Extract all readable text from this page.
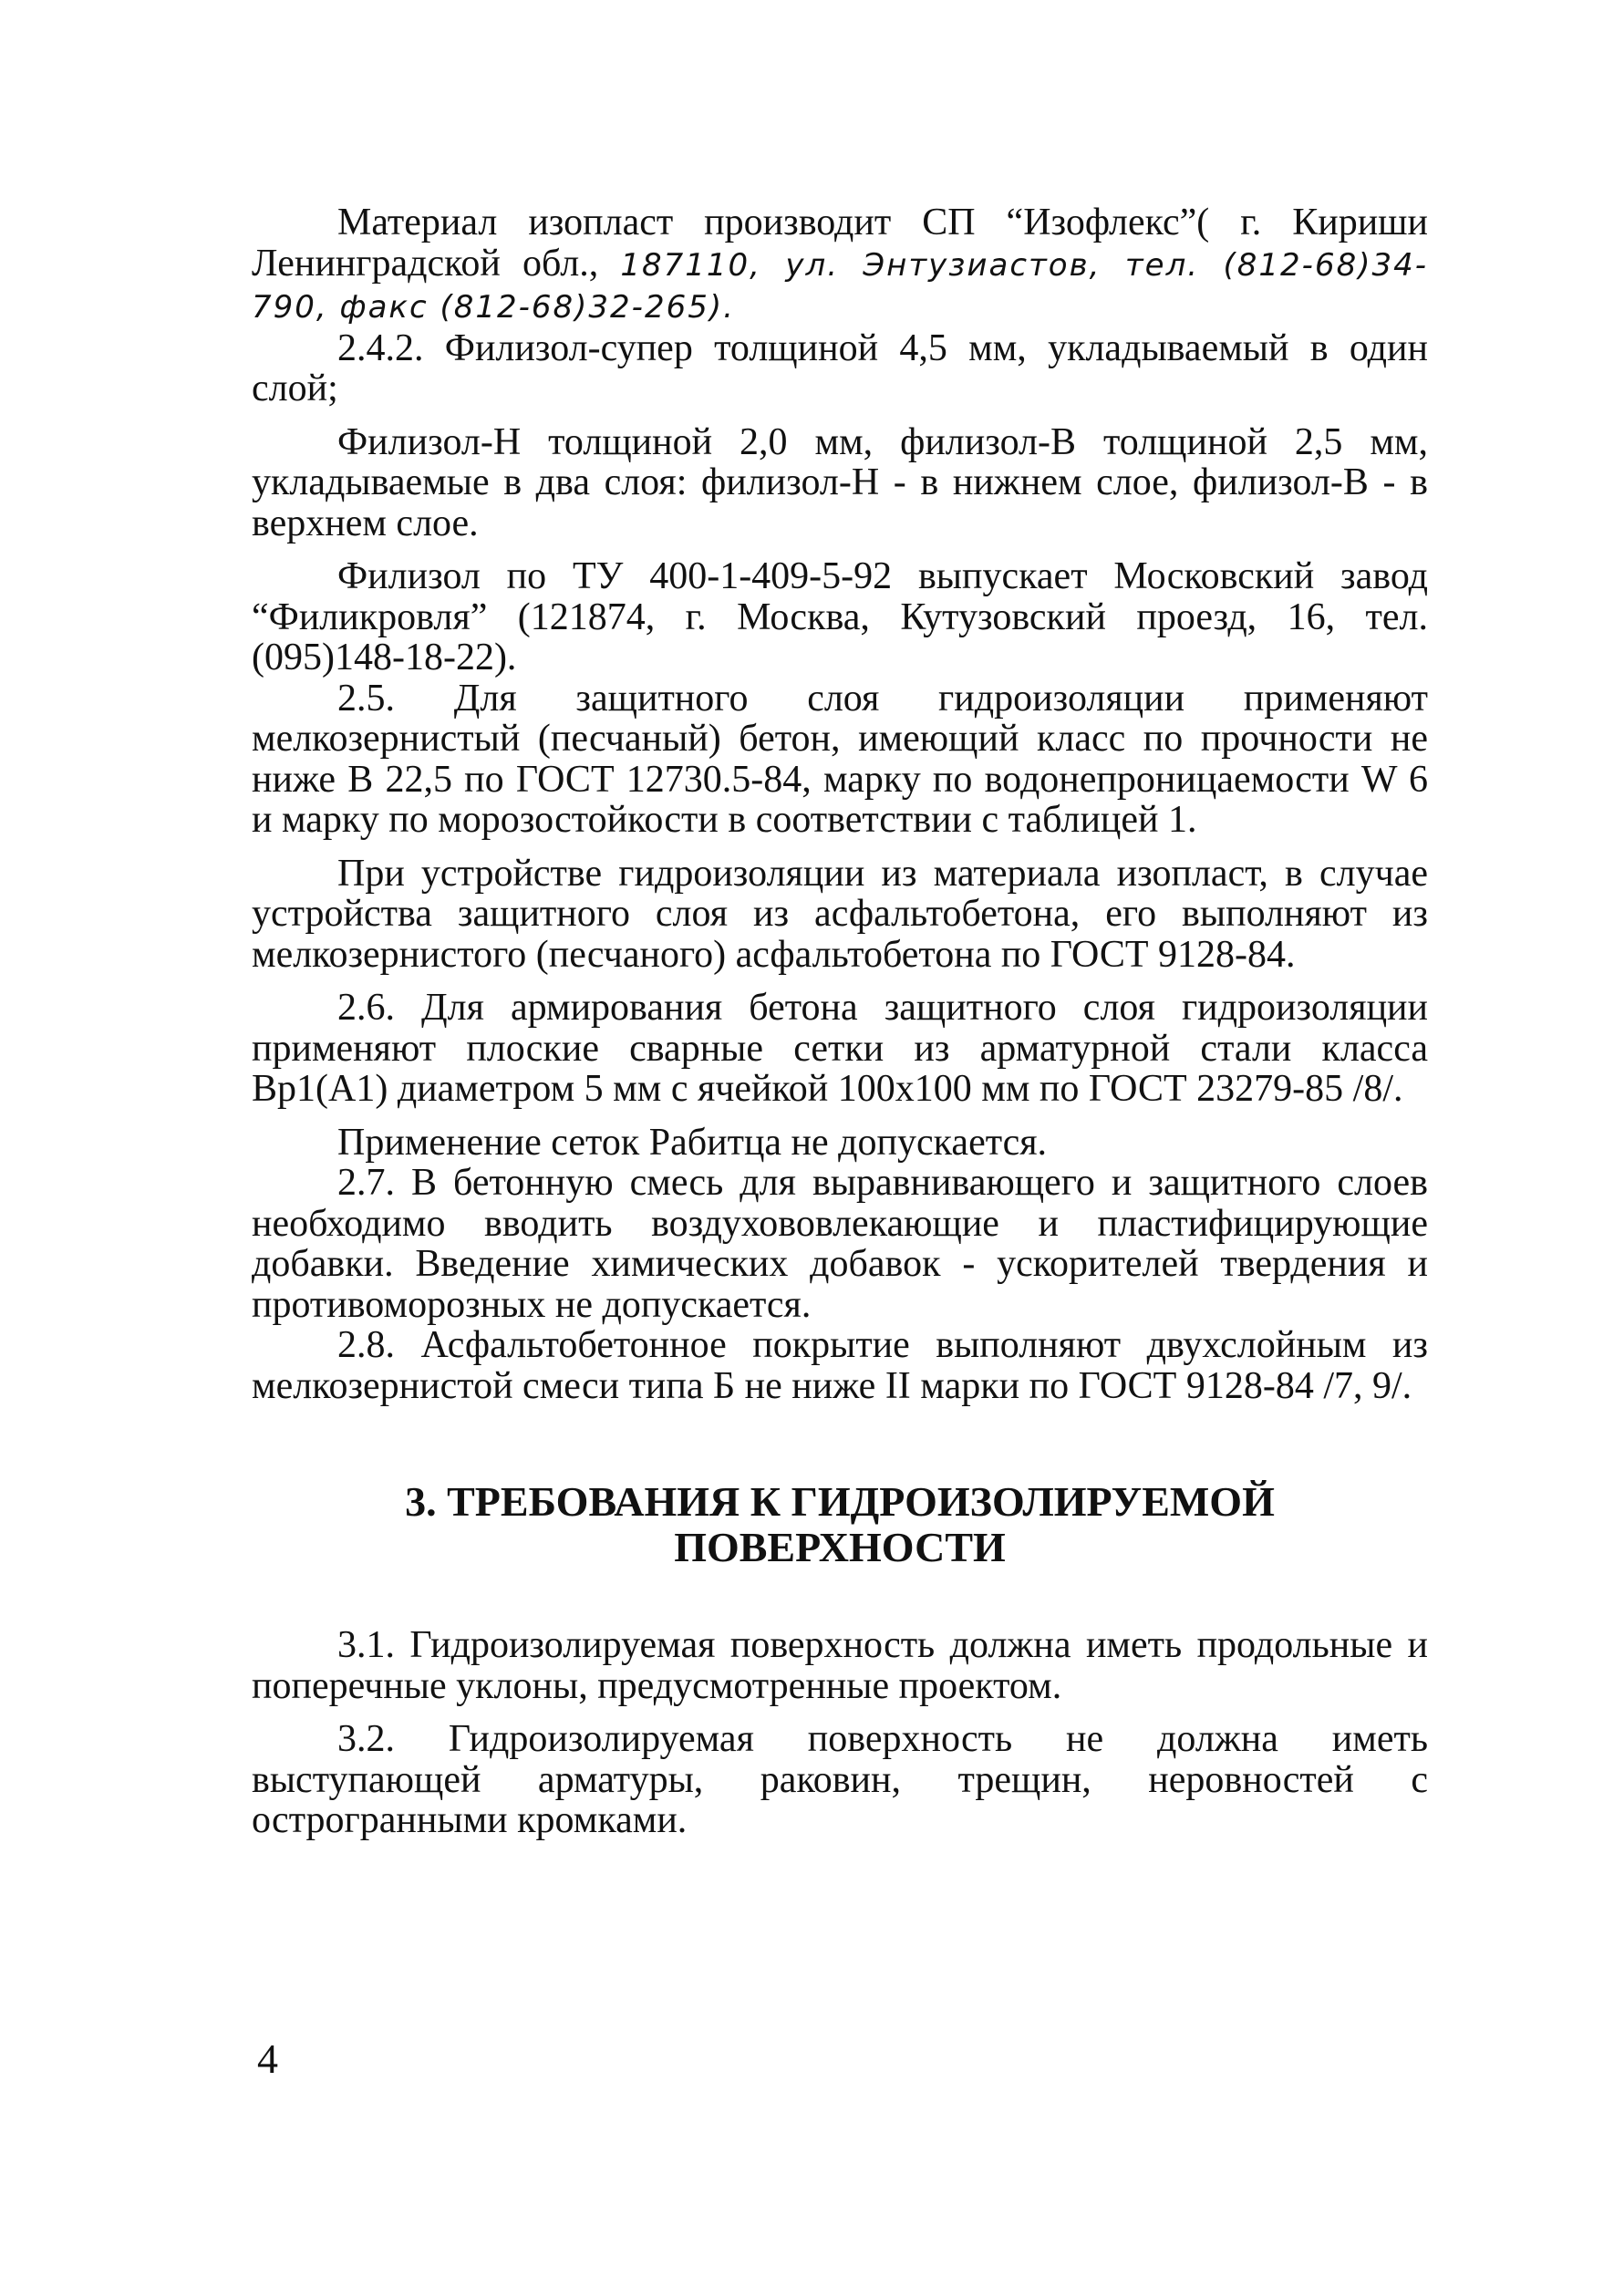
Материал изопласт производит СП “Изофлекс”( г. Кириши Ленинградской обл., 187110, ул. Энтузиастов, тел. (812-68)34-790, факс (812-68)32-265).

2.4.2. Филизол-супер толщиной 4,5 мм, укладываемый в один слой;

Филизол-Н толщиной 2,0 мм, филизол-В толщиной 2,5 мм, укладываемые в два слоя: филизол-Н - в нижнем слое, филизол-В - в верхнем слое.

Филизол по ТУ 400-1-409-5-92 выпускает Московский завод “Филикровля” (121874, г. Москва, Кутузовский проезд, 16, тел. (095)148-18-22).

2.5. Для защитного слоя гидроизоляции применяют мелкозернистый (песчаный) бетон, имеющий класс по прочности не ниже В 22,5 по ГОСТ 12730.5-84, марку по водонепроницаемости W 6 и марку по морозостойкости в соответствии с таблицей 1.

При устройстве гидроизоляции из материала изопласт, в случае устройства защитного слоя из асфальтобетона, его выполняют из мелкозернистого (песчаного) асфальтобетона по ГОСТ 9128-84.

2.6. Для армирования бетона защитного слоя гидроизоляции применяют плоские сварные сетки из арматурной стали класса Вр1(А1) диаметром 5 мм с ячейкой 100х100 мм по ГОСТ 23279-85 /8/.

Применение сеток Рабитца не допускается.

2.7. В бетонную смесь для выравнивающего и защитного слоев необходимо вводить воздухововлекающие и пластифицирующие добавки. Введение химических добавок - ускорителей твердения и противоморозных не допускается.

2.8. Асфальтобетонное покрытие выполняют двухслойным из мелкозернистой смеси типа Б не ниже II марки по ГОСТ 9128-84 /7, 9/.

3. ТРЕБОВАНИЯ К ГИДРОИЗОЛИРУЕМОЙ
ПОВЕРХНОСТИ

3.1. Гидроизолируемая поверхность должна иметь продольные и поперечные уклоны, предусмотренные проектом.

3.2. Гидроизолируемая поверхность не должна иметь выступающей арматуры, раковин, трещин, неровностей с острогранными кромками.

4
